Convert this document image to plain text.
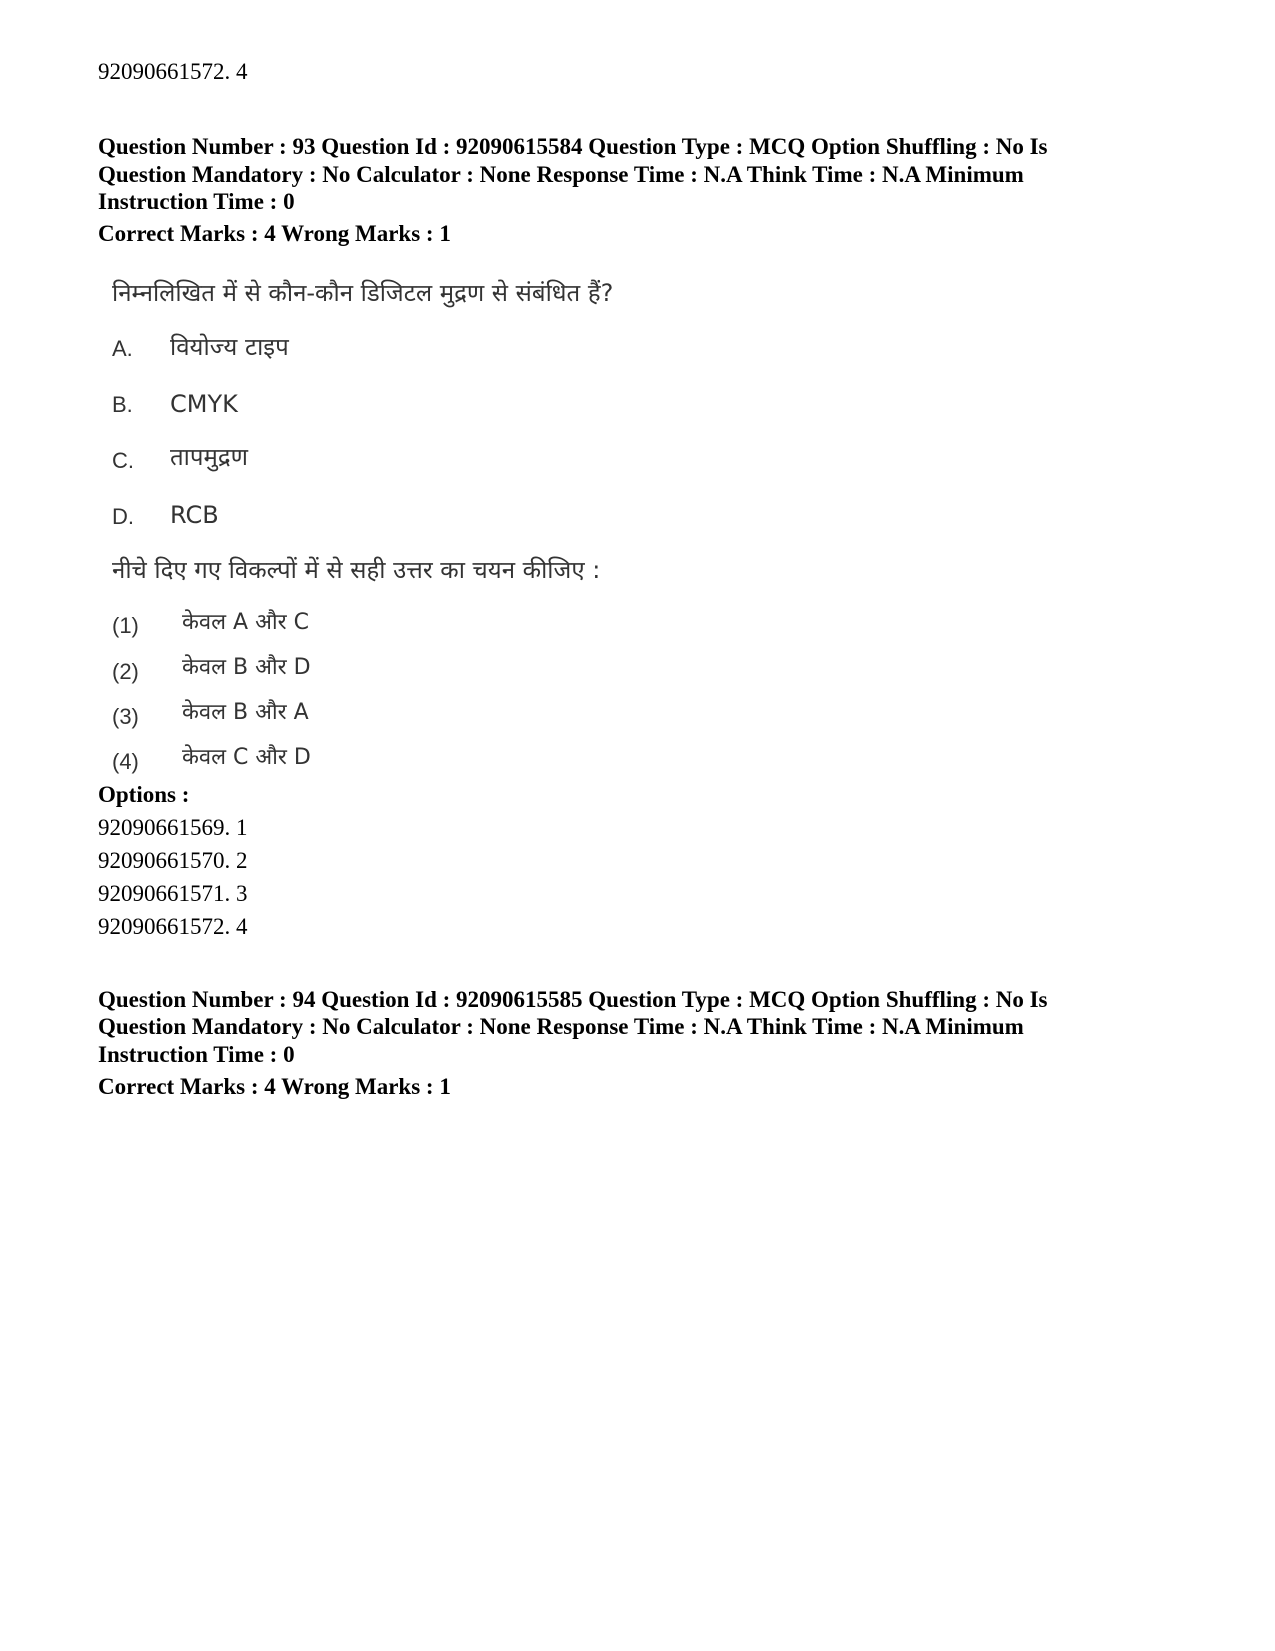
92090661572. 4
Question Number : 93 Question Id : 92090615584 Question Type : MCQ Option Shuffling : No Is
Question Mandatory : No Calculator : None Response Time : N.A Think Time : N.A Minimum
Instruction Time : 0
Correct Marks : 4 Wrong Marks : 1
निम्नलिखित में से कौन-कौन डिजिटल मुद्रण से संबंधित हैं?
A. वियोज्य टाइप
B. CMYK
C. तापमुद्रण
D. RCB
नीचे दिए गए विकल्पों में से सही उत्तर का चयन कीजिए :
(1) केवल A और C
(2) केवल B और D
(3) केवल B और A
(4) केवल C और D
Options :
92090661569. 1
92090661570. 2
92090661571. 3
92090661572. 4
Question Number : 94 Question Id : 92090615585 Question Type : MCQ Option Shuffling : No Is
Question Mandatory : No Calculator : None Response Time : N.A Think Time : N.A Minimum
Instruction Time : 0
Correct Marks : 4 Wrong Marks : 1
